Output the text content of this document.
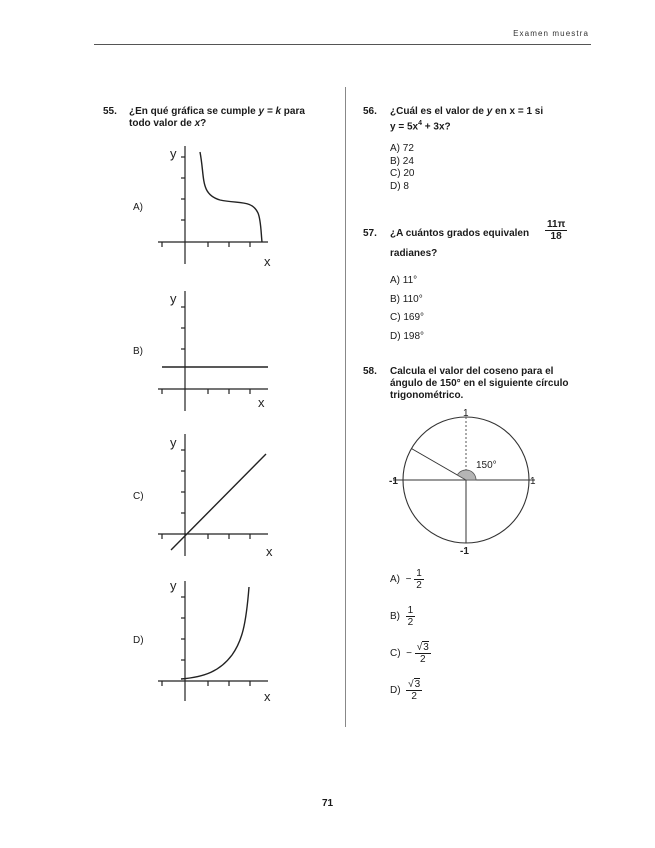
Examen muestra
55. ¿En qué gráfica se cumple y = k para
todo valor de x?
A)
B)
C)
D)
y
x
y
x
y
x
y
x
56. ¿Cuál es el valor de y en x = 1 si
$y = 5x^4 + 3x$?
A) 72
B) 24
C) 20
D) 8
57. ¿A cuántos grados equivalen $\frac{11\pi}{18}$
radianes?
A) 11°
B) 110°
C) 169°
D) 198°
58. Calcula el valor del coseno para el
ángulo de 150° en el siguiente círculo
trigonométrico.
150°
1
-1
-1	1
$A) - \frac{1}{2}$
$B) \frac{1}{2}$
$C) - \frac{√3}{2}$
$D) \frac{√3}{2}$
71
